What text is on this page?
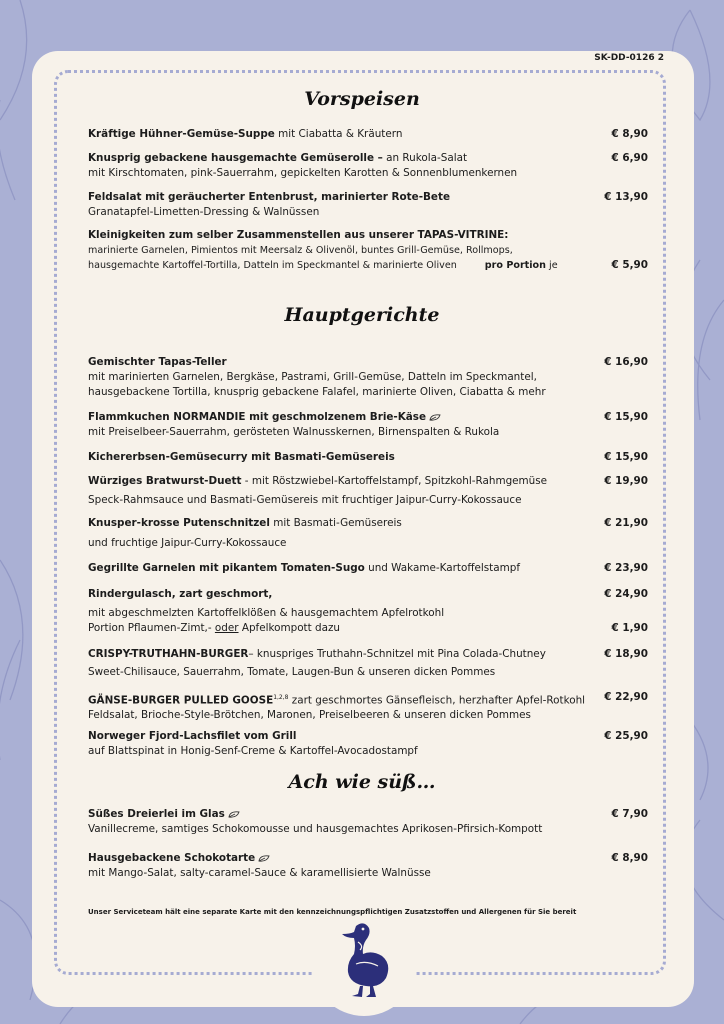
SK-DD-0126 2
Vorspeisen
Kräftige Hühner-Gemüse-Suppe mit Ciabatta & Kräutern	€ 8,90
Knusprig gebackene hausgemachte Gemüserolle – an Rukola-Salat	€ 6,90
mit Kirschtomaten, pink-Sauerrahm, gepickelten Karotten & Sonnenblumenkernen
Feldsalat mit geräucherter Entenbrust, marinierter Rote-Bete	€ 13,90
Granatapfel-Limetten-Dressing & Walnüssen
Kleinigkeiten zum selber Zusammenstellen aus unserer TAPAS-VITRINE:
marinierte Garnelen, Pimientos mit Meersalz & Olivenöl, buntes Grill-Gemüse, Rollmops,
hausgemachte Kartoffel-Tortilla, Datteln im Speckmantel & marinierte Oliven	pro Portion je	€ 5,90
Hauptgerichte
Gemischter Tapas-Teller	€ 16,90
mit marinierten Garnelen, Bergkäse, Pastrami, Grill-Gemüse, Datteln im Speckmantel,
hausgebackene Tortilla, knusprig gebackene Falafel, marinierte Oliven, Ciabatta & mehr
Flammkuchen NORMANDIE mit geschmolzenem Brie-Käse	€ 15,90
mit Preiselbeer-Sauerrahm, gerösteten Walnusskernen, Birnenspalten & Rukola
Kichererbsen-Gemüsecurry mit Basmati-Gemüsereis	€ 15,90
Würziges Bratwurst-Duett - mit Röstzwiebel-Kartoffelstampf, Spitzkohl-Rahmgemüse	€ 19,90
Speck-Rahmsauce und Basmati-Gemüsereis mit fruchtiger Jaipur-Curry-Kokossauce
Knusper-krosse Putenschnitzel mit Basmati-Gemüsereis	€ 21,90
und fruchtige Jaipur-Curry-Kokossauce
Gegrillte Garnelen mit pikantem Tomaten-Sugo und Wakame-Kartoffelstampf	€ 23,90
Rindergulasch, zart geschmort,	€ 24,90
mit abgeschmelzten Kartoffelklößen & hausgemachtem Apfelrotkohl
Portion Pflaumen-Zimt,- oder Apfelkompott dazu	€ 1,90
CRISPY-TRUTHAHN-BURGER– knuspriges Truthahn-Schnitzel mit Pina Colada-Chutney	€ 18,90
Sweet-Chilisauce, Sauerrahm, Tomate, Laugen-Bun & unseren dicken Pommes
GÄNSE-BURGER PULLED GOOSE$^{1,2,8}$ zart geschmortes Gänsefleisch, herzhafter Apfel-Rotkohl	€ 22,90
Feldsalat, Brioche-Style-Brötchen, Maronen, Preiselbeeren & unseren dicken Pommes
Norweger Fjord-Lachsfilet vom Grill	€ 25,90
auf Blattspinat in Honig-Senf-Creme & Kartoffel-Avocadostampf
Ach wie süß…
Süßes Dreierlei im Glas	€ 7,90
Vanillecreme, samtiges Schokomousse und hausgemachtes Aprikosen-Pfirsich-Kompott
Hausgebackene Schokotarte	€ 8,90
mit Mango-Salat, salty-caramel-Sauce & karamellisierte Walnüsse
Unser Serviceteam hält eine separate Karte mit den kennzeichnungspflichtigen Zusatzstoffen und Allergenen für Sie bereit
